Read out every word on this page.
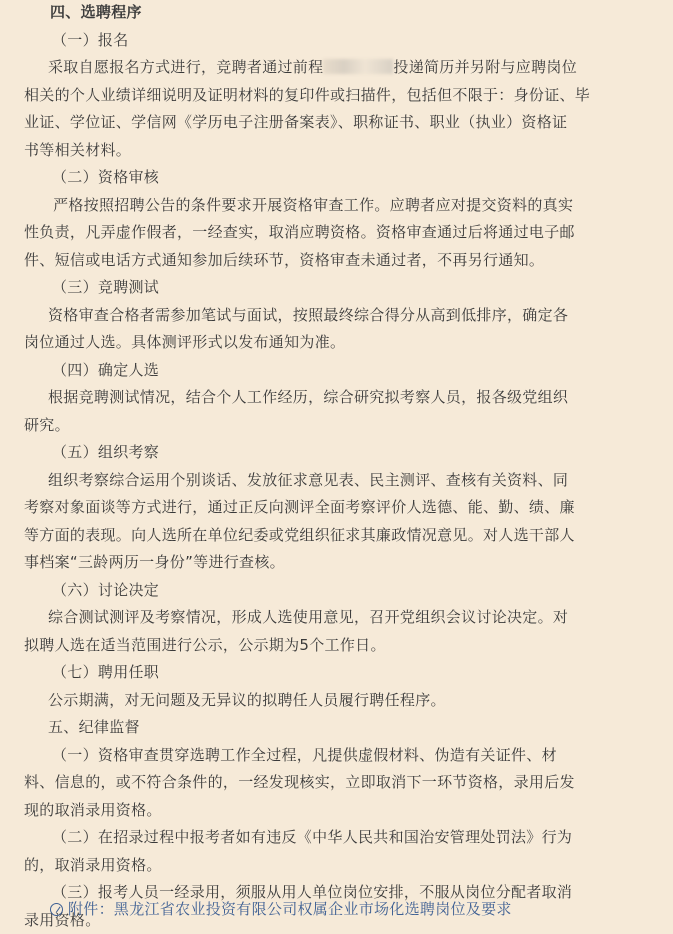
四、选聘程序
（一）报名
采取自愿报名方式进行，竞聘者通过前程	投递简历并另附与应聘岗位
相关的个人业绩详细说明及证明材料的复印件或扫描件，包括但不限于：身份证、毕
业证、学位证、学信网《学历电子注册备案表》、职称证书、职业（执业）资格证
书等相关材料。
（二）资格审核
严格按照招聘公告的条件要求开展资格审查工作。应聘者应对提交资料的真实
性负责，凡弄虚作假者，一经查实，取消应聘资格。资格审查通过后将通过电子邮
件、短信或电话方式通知参加后续环节，资格审查未通过者，不再另行通知。
（三）竞聘测试
资格审查合格者需参加笔试与面试，按照最终综合得分从高到低排序，确定各
岗位通过人选。具体测评形式以发布通知为准。
（四）确定人选
根据竞聘测试情况，结合个人工作经历，综合研究拟考察人员，报各级党组织
研究。
（五）组织考察
组织考察综合运用个别谈话、发放征求意见表、民主测评、查核有关资料、同
考察对象面谈等方式进行，通过正反向测评全面考察评价人选德、能、勤、绩、廉
等方面的表现。向人选所在单位纪委或党组织征求其廉政情况意见。对人选干部人
事档案“三龄两历一身份”等进行查核。
（六）讨论决定
综合测试测评及考察情况，形成人选使用意见，召开党组织会议讨论决定。对
拟聘人选在适当范围进行公示，公示期为5个工作日。
（七）聘用任职
公示期满，对无问题及无异议的拟聘任人员履行聘任程序。
五、纪律监督
（一）资格审查贯穿选聘工作全过程，凡提供虚假材料、伪造有关证件、材
料、信息的，或不符合条件的，一经发现核实，立即取消下一环节资格，录用后发
现的取消录用资格。
（二）在招录过程中报考者如有违反《中华人民共和国治安管理处罚法》行为
的，取消录用资格。
（三）报考人员一经录用，须服从用人单位岗位安排，不服从岗位分配者取消
录用资格。
附件：黑龙江省农业投资有限公司权属企业市场化选聘岗位及要求
